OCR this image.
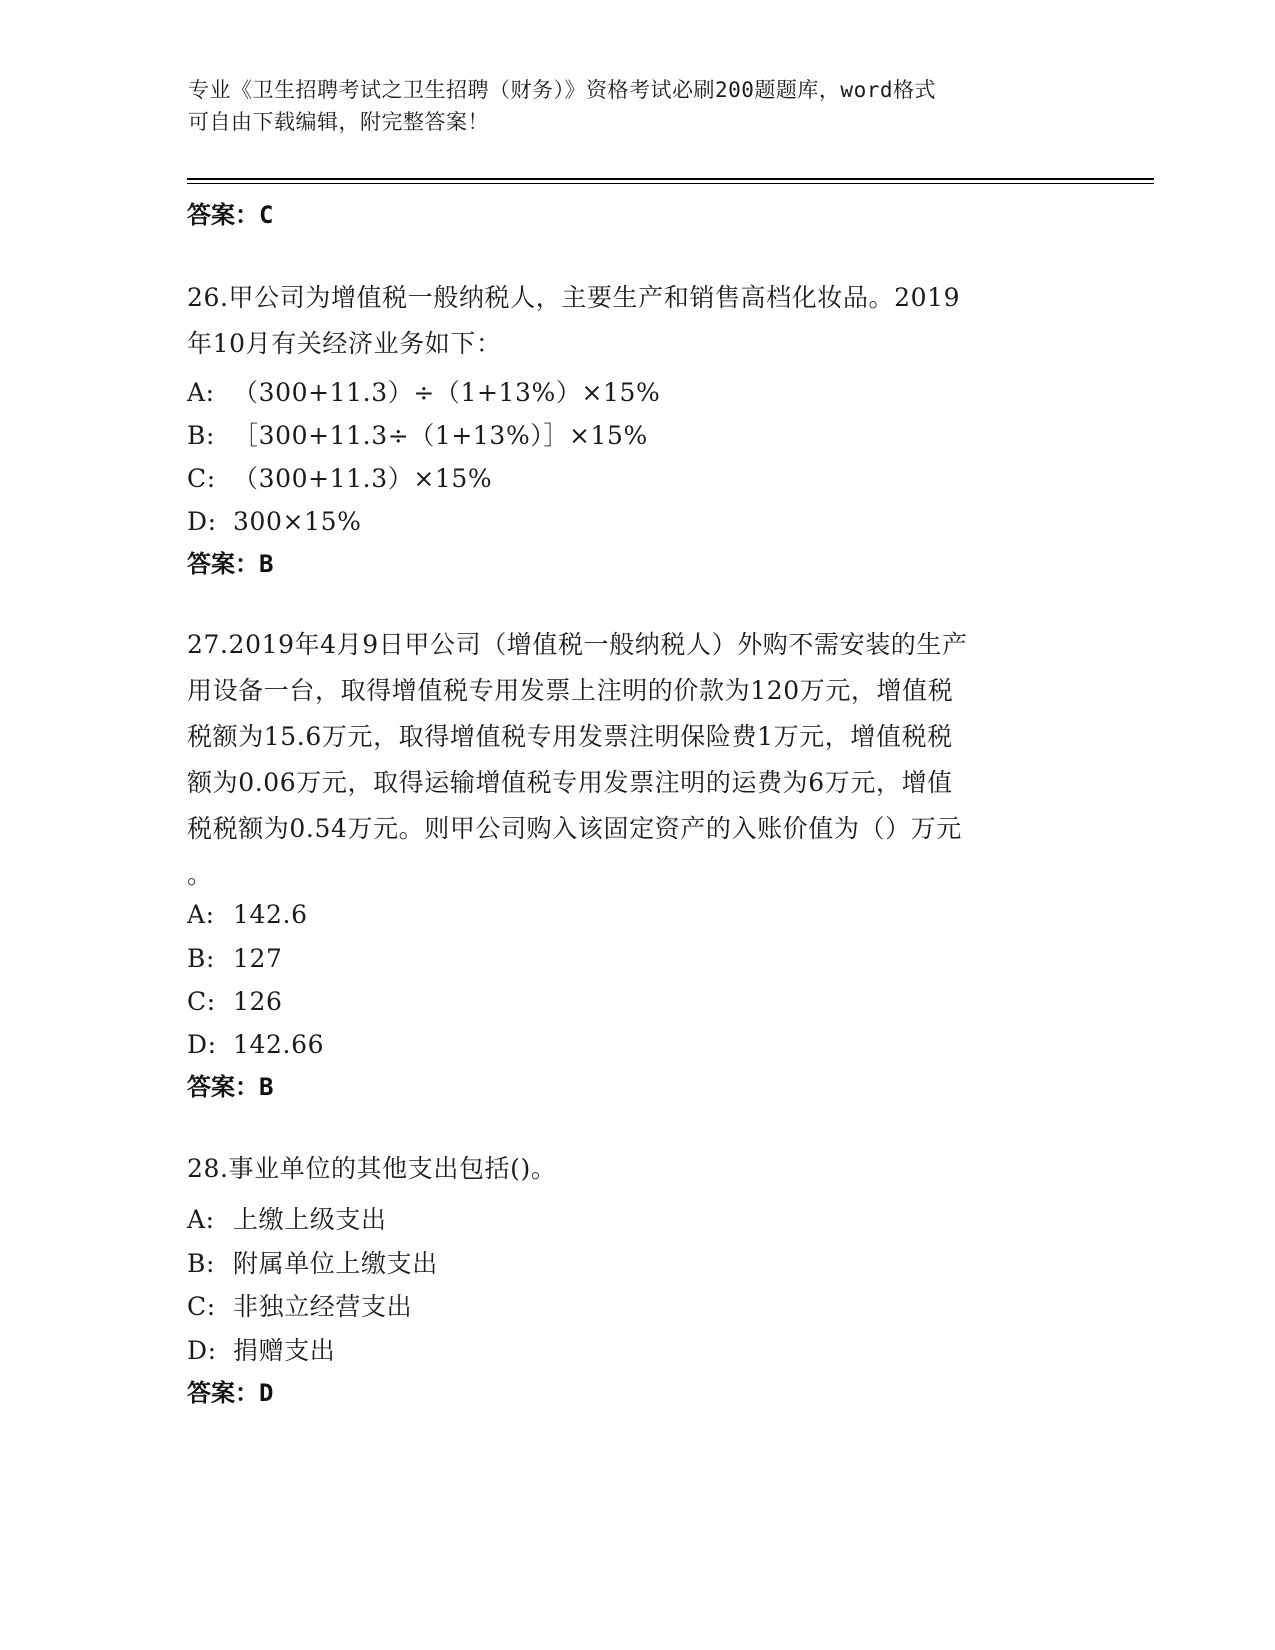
专业《卫生招聘考试之卫生招聘（财务）》资格考试必刷200题题库，word格式
可自由下载编辑，附完整答案！
答案：C
26.甲公司为增值税一般纳税人，主要生产和销售高档化妆品。2019
年10月有关经济业务如下：
A: （300+11.3）÷（1+13%）×15%
B: ［300+11.3÷（1+13%）］×15%
C: （300+11.3）×15%
D: 300×15%
答案：B
27.2019年4月9日甲公司（增值税一般纳税人）外购不需安装的生产
用设备一台，取得增值税专用发票上注明的价款为120万元，增值税
税额为15.6万元，取得增值税专用发票注明保险费1万元，增值税税
额为0.06万元，取得运输增值税专用发票注明的运费为6万元，增值
税税额为0.54万元。则甲公司购入该固定资产的入账价值为（）万元
。
A: 142.6
B: 127
C: 126
D: 142.66
答案：B
28.事业单位的其他支出包括()。
A: 上缴上级支出
B: 附属单位上缴支出
C: 非独立经营支出
D: 捐赠支出
答案：D
